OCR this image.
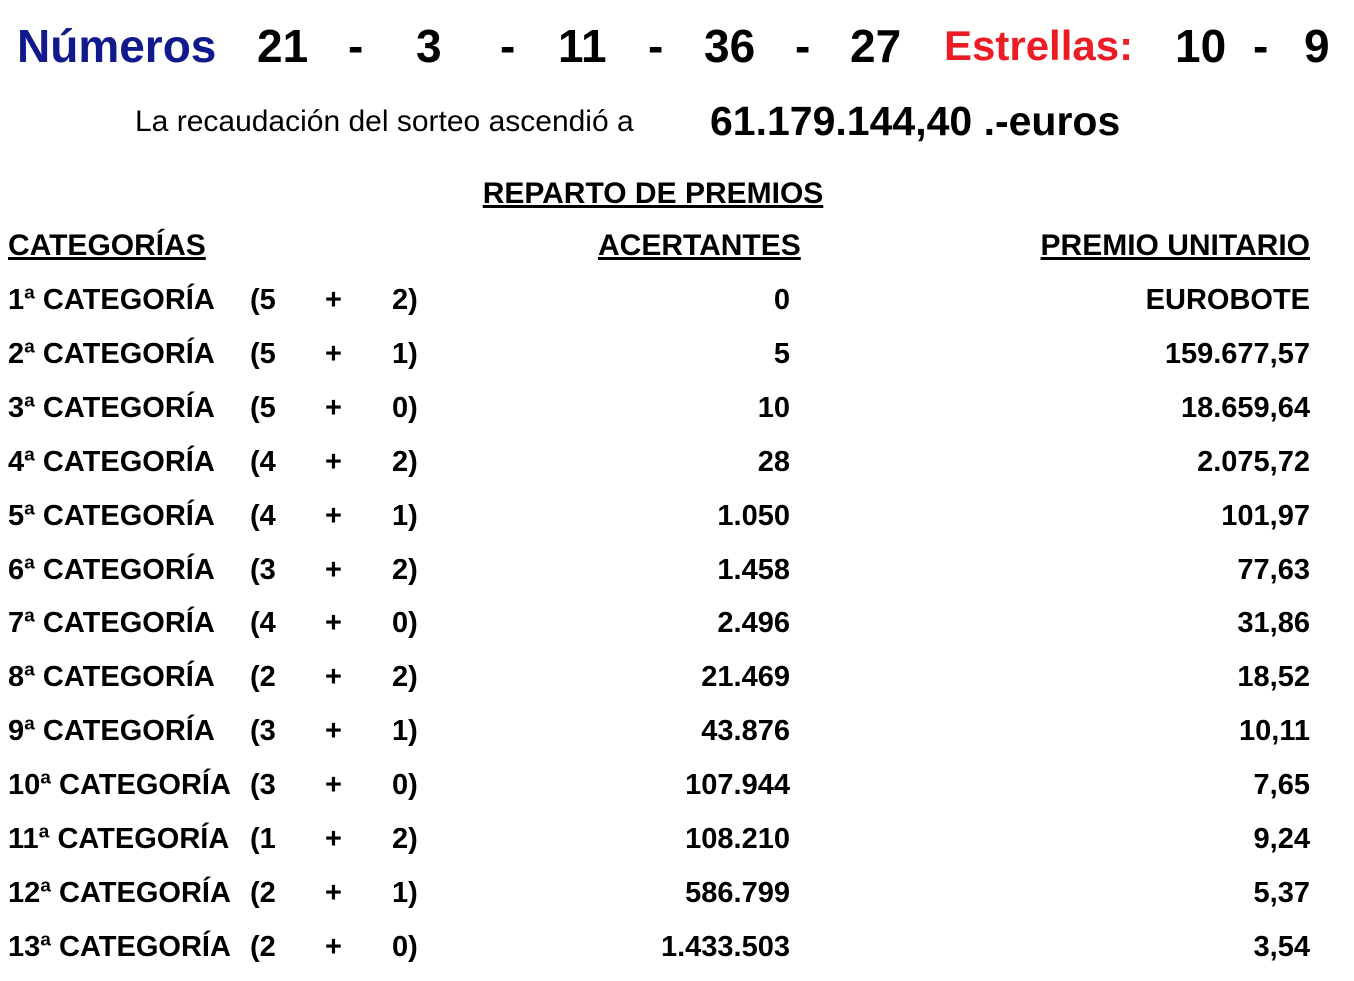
Números 21 - 3 - 11 - 36 - 27 Estrellas: 10 - 9
La recaudación del sorteo ascendió a 61.179.144,40 .-euros
REPARTO DE PREMIOS
CATEGORÍAS	ACERTANTES	PREMIO UNITARIO
1ª CATEGORÍA (5 + 2)	0	EUROBOTE
2ª CATEGORÍA (5 + 1)	5	159.677,57
3ª CATEGORÍA (5 + 0)	10	18.659,64
4ª CATEGORÍA (4 + 2)	28	2.075,72
5ª CATEGORÍA (4 + 1)	1.050	101,97
6ª CATEGORÍA (3 + 2)	1.458	77,63
7ª CATEGORÍA (4 + 0)	2.496	31,86
8ª CATEGORÍA (2 + 2)	21.469	18,52
9ª CATEGORÍA (3 + 1)	43.876	10,11
10ª CATEGORÍA (3 + 0)	107.944	7,65
11ª CATEGORÍA (1 + 2)	108.210	9,24
12ª CATEGORÍA (2 + 1)	586.799	5,37
13ª CATEGORÍA (2 + 0)	1.433.503	3,54
